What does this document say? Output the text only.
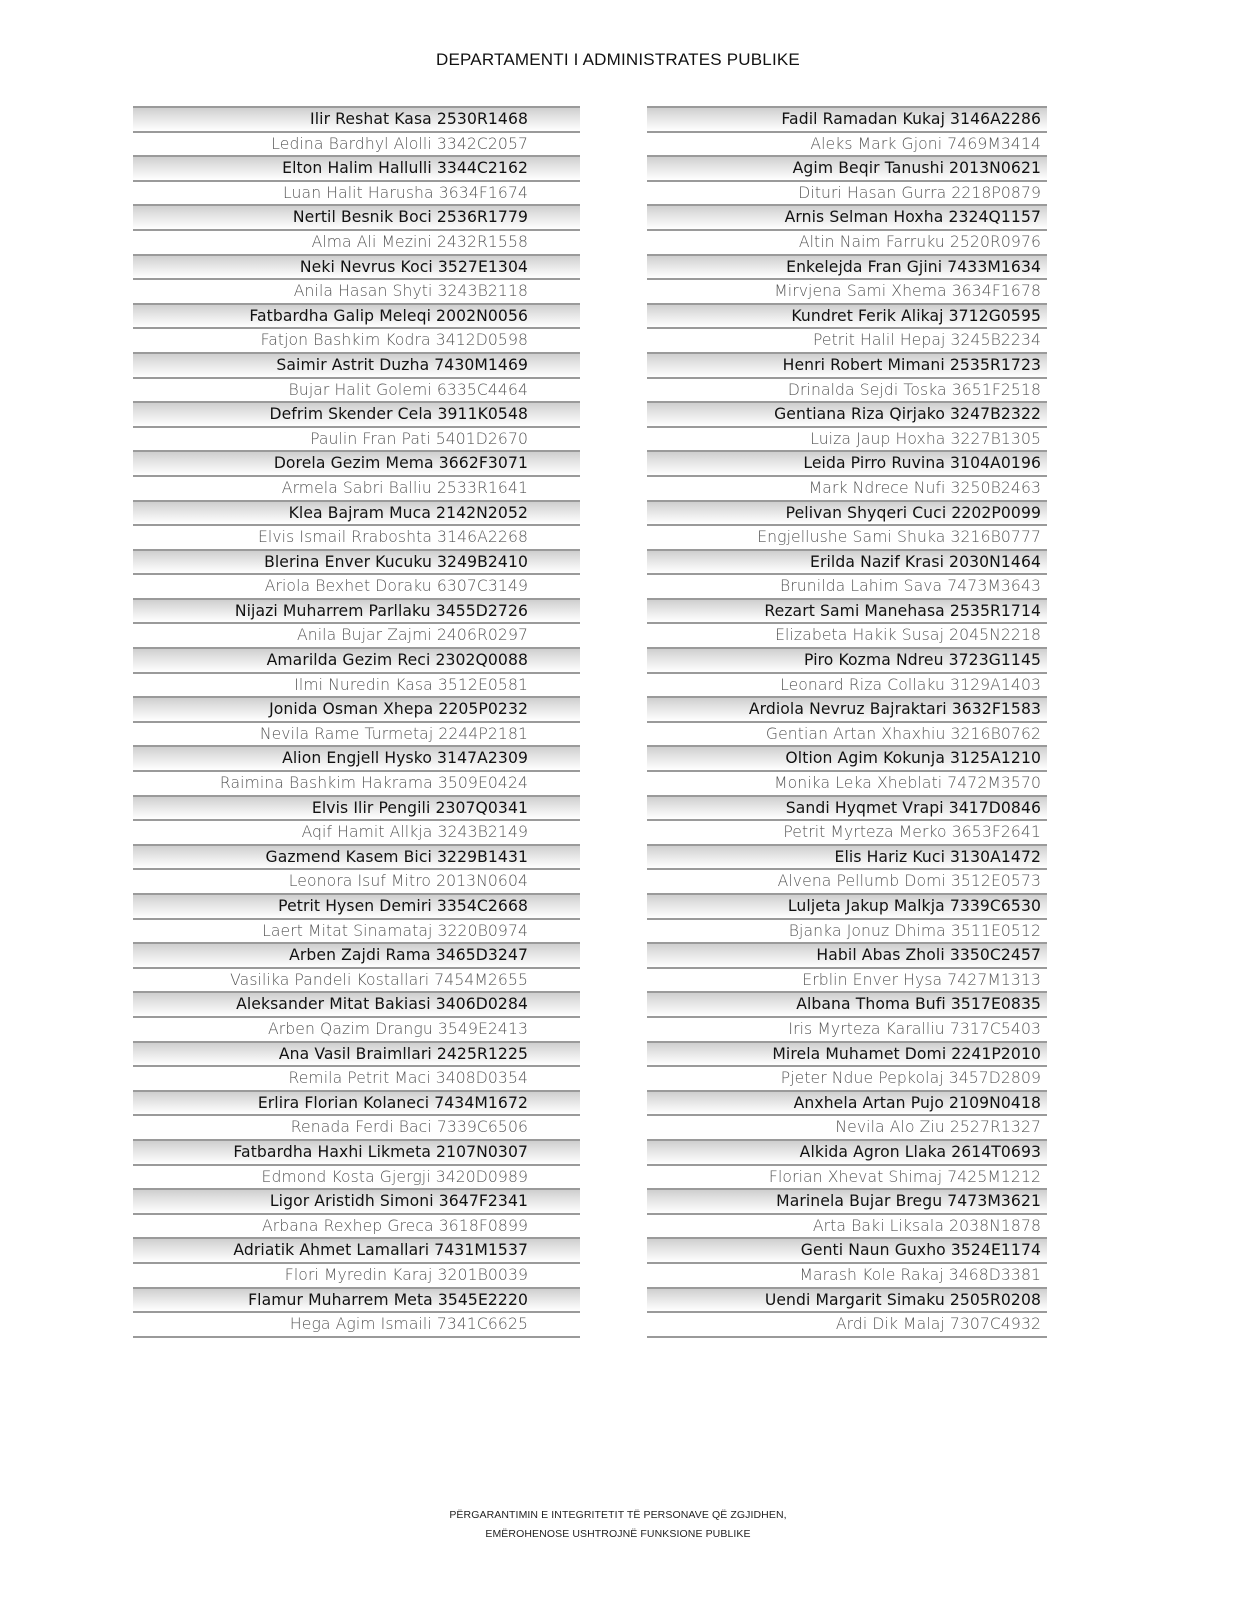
DEPARTAMENTI I ADMINISTRATES PUBLIKE
Ilir Reshat Kasa 2530R1468
Ledina Bardhyl Alolli 3342C2057
Elton Halim Hallulli 3344C2162
Luan Halit Harusha 3634F1674
Nertil Besnik Boci 2536R1779
Alma Ali Mezini 2432R1558
Neki Nevrus Koci 3527E1304
Anila Hasan Shyti 3243B2118
Fatbardha Galip Meleqi 2002N0056
Fatjon Bashkim Kodra 3412D0598
Saimir Astrit Duzha 7430M1469
Bujar Halit Golemi 6335C4464
Defrim Skender Cela 3911K0548
Paulin Fran Pati 5401D2670
Dorela Gezim Mema 3662F3071
Armela Sabri Balliu 2533R1641
Klea Bajram Muca 2142N2052
Elvis Ismail Rraboshta 3146A2268
Blerina Enver Kucuku 3249B2410
Ariola Bexhet Doraku 6307C3149
Nijazi Muharrem Parllaku 3455D2726
Anila Bujar Zajmi 2406R0297
Amarilda Gezim Reci 2302Q0088
Ilmi Nuredin Kasa 3512E0581
Jonida Osman Xhepa 2205P0232
Nevila Rame Turmetaj 2244P2181
Alion Engjell Hysko 3147A2309
Raimina Bashkim Hakrama 3509E0424
Elvis Ilir Pengili 2307Q0341
Aqif Hamit Allkja 3243B2149
Gazmend Kasem Bici 3229B1431
Leonora Isuf Mitro 2013N0604
Petrit Hysen Demiri 3354C2668
Laert Mitat Sinamataj 3220B0974
Arben Zajdi Rama 3465D3247
Vasilika Pandeli Kostallari 7454M2655
Aleksander Mitat Bakiasi 3406D0284
Arben Qazim Drangu 3549E2413
Ana Vasil Braimllari 2425R1225
Remila Petrit Maci 3408D0354
Erlira Florian Kolaneci 7434M1672
Renada Ferdi Baci 7339C6506
Fatbardha Haxhi Likmeta 2107N0307
Edmond Kosta Gjergji 3420D0989
Ligor Aristidh Simoni 3647F2341
Arbana Rexhep Greca 3618F0899
Adriatik Ahmet Lamallari 7431M1537
Flori Myredin Karaj 3201B0039
Flamur Muharrem Meta 3545E2220
Hega Agim Ismaili 7341C6625
Fadil Ramadan Kukaj 3146A2286
Aleks Mark Gjoni 7469M3414
Agim Beqir Tanushi 2013N0621
Dituri Hasan Gurra 2218P0879
Arnis Selman Hoxha 2324Q1157
Altin Naim Farruku 2520R0976
Enkelejda Fran Gjini 7433M1634
Mirvjena Sami Xhema 3634F1678
Kundret Ferik Alikaj 3712G0595
Petrit Halil Hepaj 3245B2234
Henri Robert Mimani 2535R1723
Drinalda Sejdi Toska 3651F2518
Gentiana Riza Qirjako 3247B2322
Luiza Jaup Hoxha 3227B1305
Leida Pirro Ruvina 3104A0196
Mark Ndrece Nufi 3250B2463
Pelivan Shyqeri Cuci 2202P0099
Engjellushe Sami Shuka 3216B0777
Erilda Nazif Krasi 2030N1464
Brunilda Lahim Sava 7473M3643
Rezart Sami Manehasa 2535R1714
Elizabeta Hakik Susaj 2045N2218
Piro Kozma Ndreu 3723G1145
Leonard Riza Collaku 3129A1403
Ardiola Nevruz Bajraktari 3632F1583
Gentian Artan Xhaxhiu 3216B0762
Oltion Agim Kokunja 3125A1210
Monika Leka Xheblati 7472M3570
Sandi Hyqmet Vrapi 3417D0846
Petrit Myrteza Merko 3653F2641
Elis Hariz Kuci 3130A1472
Alvena Pellumb Domi 3512E0573
Luljeta Jakup Malkja 7339C6530
Bjanka Jonuz Dhima 3511E0512
Habil Abas Zholi 3350C2457
Erblin Enver Hysa 7427M1313
Albana Thoma Bufi 3517E0835
Iris Myrteza Karalliu 7317C5403
Mirela Muhamet Domi 2241P2010
Pjeter Ndue Pepkolaj 3457D2809
Anxhela Artan Pujo 2109N0418
Nevila Alo Ziu 2527R1327
Alkida Agron Llaka 2614T0693
Florian Xhevat Shimaj 7425M1212
Marinela Bujar Bregu 7473M3621
Arta Baki Liksala 2038N1878
Genti Naun Guxho 3524E1174
Marash Kole Rakaj 3468D3381
Uendi Margarit Simaku 2505R0208
Ardi Dik Malaj 7307C4932
PËRGARANTIMIN E INTEGRITETIT TË PERSONAVE QË ZGJIDHEN,
EMËROHENOSE USHTROJNË FUNKSIONE PUBLIKE
